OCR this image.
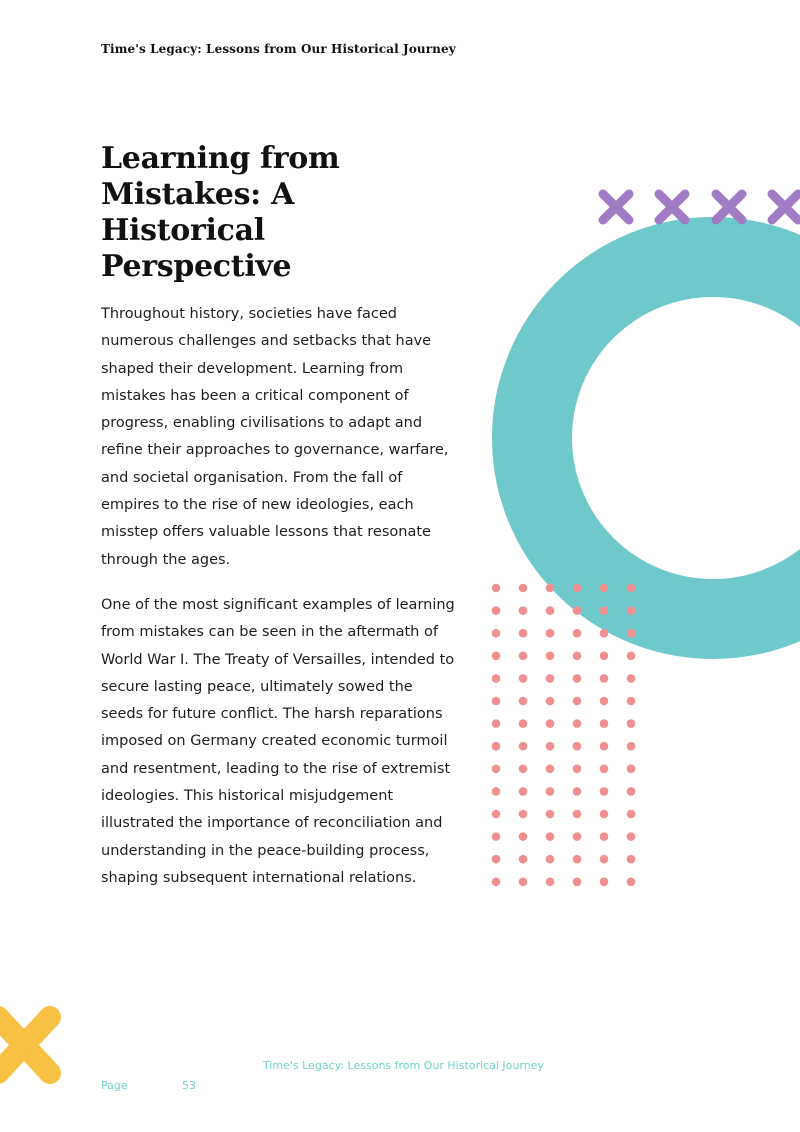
Time's Legacy: Lessons from Our Historical Journey
Learning from Mistakes: A Historical Perspective

Throughout history, societies have faced numerous challenges and setbacks that have shaped their development. Learning from mistakes has been a critical component of progress, enabling civilisations to adapt and refine their approaches to governance, warfare, and societal organisation. From the fall of empires to the rise of new ideologies, each misstep offers valuable lessons that resonate through the ages.

One of the most significant examples of learning from mistakes can be seen in the aftermath of World War I. The Treaty of Versailles, intended to secure lasting peace, ultimately sowed the seeds for future conflict. The harsh reparations imposed on Germany created economic turmoil and resentment, leading to the rise of extremist ideologies. This historical misjudgement illustrated the importance of reconciliation and understanding in the peace-building process, shaping subsequent international relations.

Time's Legacy: Lessons from Our Historical Journey
Page	53
